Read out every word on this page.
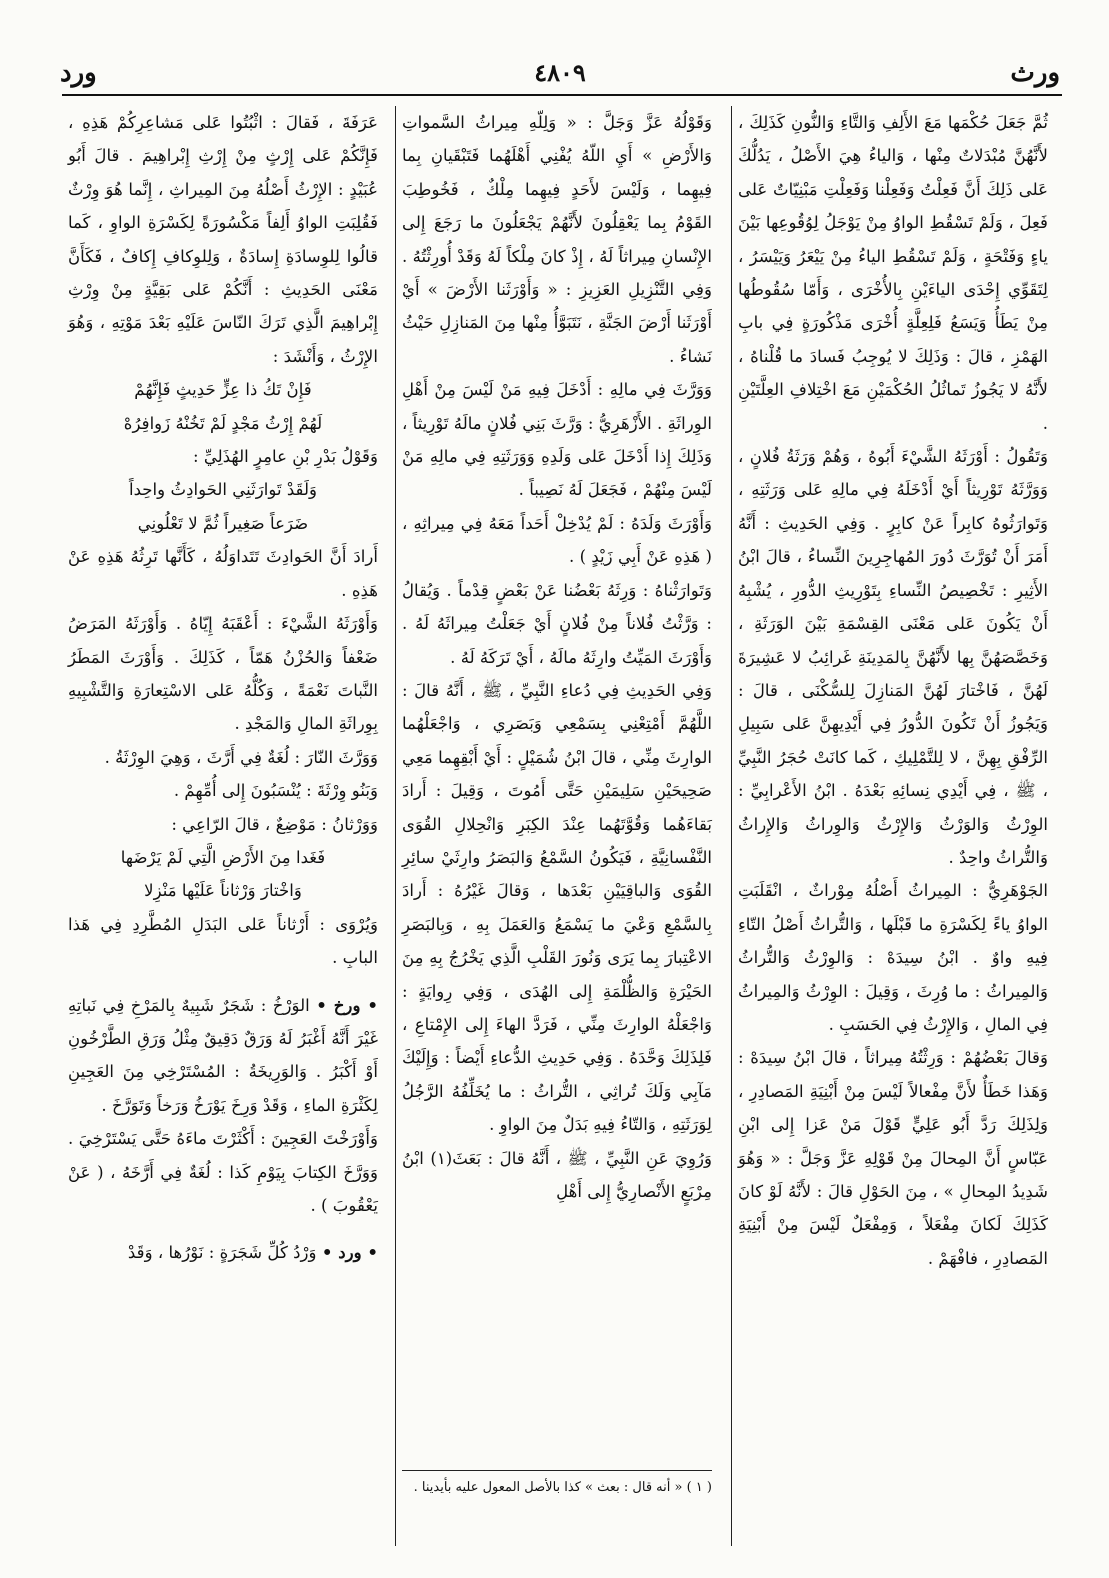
ورد	٤٨٠٩	ورث

ثُمَّ جَعَلَ حُكْمَها مَعَ الأَلِفِ وَالتَّاءِ وَالنُّونِ كَذَلِكَ ، لأَنَّهُنَّ مُبْدَلاتٌ مِنْها ، وَالياءُ هِيَ الأَصْلُ ، يَدُلُّكَ عَلى ذَلِكَ أَنَّ فَعِلْتُ وَفَعِلْنا وَفَعِلْتِ مَبْنِيّاتٌ عَلى فَعِلَ ، وَلَمْ تَسْقُطِ الواوُ مِنْ يَوْجَلُ لِوُقُوعِها بَيْنَ ياءٍ وَفَتْحَةٍ ، وَلَمْ تَسْقُطِ الياءُ مِنْ يَيْعَرُ وَيَيْسَرُ ، لِتَقَوِّي إِحْدَى الياءَيْنِ بِالأُخْرَى ، وَأَمّا سُقُوطُها مِنْ يَطَأُ وَيَسَعُ فَلِعِلَّةٍ أُخْرَى مَذْكُورَةٍ فِي بابِ الهَمْزِ ، قالَ : وَذَلِكَ لا يُوجِبُ فَسادَ ما قُلْناهُ ، لأَنَّهُ لا يَجُوزُ تَماثُلُ الحُكْمَيْنِ مَعَ اخْتِلافِ العِلَّتَيْنِ .

وَتَقُولُ : أَوْرَثَهُ الشَّيْءَ أَبُوهُ ، وَهُمْ وَرَثَةُ فُلانٍ ، وَوَرَّثَهُ تَوْرِيثاً أَيْ أَدْخَلَهُ فِي مالِهِ عَلى وَرَثَتِهِ ، وَتَوارَثُوهُ كابِراً عَنْ كابِرٍ . وَفِي الحَدِيثِ : أَنَّهُ أَمَرَ أَنْ تُوَرَّثَ دُورَ المُهاجِرِينَ النِّساءُ ، قالَ ابْنُ الأَثِيرِ : تَخْصِيصُ النِّساءِ بِتَوْرِيثِ الدُّورِ ، يُشْبِهُ أَنْ يَكُونَ عَلى مَعْنَى القِسْمَةِ بَيْنَ الوَرَثَةِ ، وَخَصَّصَهُنَّ بِها لأَنَّهُنَّ بِالمَدِينَةِ غَرائِبُ لا عَشِيرَةَ لَهُنَّ ، فَاخْتارَ لَهُنَّ المَنازِلَ لِلسُّكْنَى ، قالَ : وَيَجُوزُ أَنْ تَكُونَ الدُّورُ فِي أَيْدِيهِنَّ عَلى سَبِيلِ الرِّفْقِ بِهِنَّ ، لا لِلتَّمْلِيكِ ، كَما كانَتْ حُجَرُ النَّبِيِّ ، ﷺ ، فِي أَيْدِي نِسائِهِ بَعْدَهُ . ابْنُ الأَعْرابِيِّ : الوِرْثُ وَالوَرْثُ وَالإِرْثُ وَالوِراثُ وَالإِراثُ وَالتُّراثُ واحِدٌ .

الجَوْهَرِيُّ : المِيراثُ أَصْلُهُ مِوْراثٌ ، انْقَلَبَتِ الواوُ ياءً لِكَسْرَةِ ما قَبْلَها ، وَالتُّراثُ أَصْلُ التّاءِ فِيهِ واوٌ . ابْنُ سِيدَهْ : وَالوِرْثُ وَالتُّراثُ وَالمِيراثُ : ما وُرِثَ ، وَقِيلَ : الوِرْثُ وَالمِيراثُ فِي المالِ ، وَالإِرْثُ فِي الحَسَبِ .

وَقالَ بَعْضُهُمْ : وَرِثْتُهُ مِيراثاً ، قالَ ابْنُ سِيدَهْ : وَهَذا خَطَأٌ لأَنَّ مِفْعالاً لَيْسَ مِنْ أَبْنِيَةِ المَصادِرِ ، وَلِذَلِكَ رَدَّ أَبُو عَلِيٍّ قَوْلَ مَنْ عَزا إِلى ابْنِ عَبّاسٍ أَنَّ المِحالَ مِنْ قَوْلِهِ عَزَّ وَجَلَّ : « وَهُوَ شَدِيدُ المِحالِ » ، مِنَ الحَوْلِ قالَ : لأَنَّهُ لَوْ كانَ كَذَلِكَ لَكانَ مِفْعَلاً ، وَمِفْعَلٌ لَيْسَ مِنْ أَبْنِيَةِ المَصادِرِ ، فافْهَمْ .

وَقَوْلُهُ عَزَّ وَجَلَّ : « وَلِلّهِ مِيراثُ السَّمواتِ وَالأَرْضِ » أَيِ اللّهُ يُفْنِي أَهْلَهُما فَتَبْقَيانِ بِما فِيهِما ، وَلَيْسَ لأَحَدٍ فِيهِما مِلْكٌ ، فَخُوطِبَ القَوْمُ بِما يَعْقِلُونَ لأَنَّهُمْ يَجْعَلُونَ ما رَجَعَ إِلى الإِنْسانِ مِيراثاً لَهُ ، إِذْ كانَ مِلْكاً لَهُ وَقَدْ أُورِثْتُهُ . وَفِي التَّنْزِيلِ العَزِيزِ : « وَأَوْرَثَنا الأَرْضَ » أَيْ أَوْرَثَنا أَرْضَ الجَنَّةِ ، نَتَبَوَّأُ مِنْها مِنَ المَنازِلِ حَيْثُ نَشاءُ .

وَوَرَّثَ فِي مالِهِ : أَدْخَلَ فِيهِ مَنْ لَيْسَ مِنْ أَهْلِ الوِراثَةِ . الأَزْهَرِيُّ : وَرَّثَ بَنِي فُلانٍ مالَهُ تَوْرِيثاً ، وَذَلِكَ إِذا أَدْخَلَ عَلى وَلَدِهِ وَوَرَثَتِهِ فِي مالِهِ مَنْ لَيْسَ مِنْهُمْ ، فَجَعَلَ لَهُ نَصِيباً .

وَأَوْرَثَ وَلَدَهُ : لَمْ يُدْخِلْ أَحَداً مَعَهُ فِي مِيراثِهِ ، ( هَذِهِ عَنْ أَبِي زَيْدٍ ) .

وَتَوارَثْناهُ : وَرِثَهُ بَعْضُنا عَنْ بَعْضٍ قِدْماً . وَيُقالُ : وَرَّثْتُ فُلاناً مِنْ فُلانٍ أَيْ جَعَلْتُ مِيراثَهُ لَهُ . وَأَوْرَثَ المَيِّتُ وارِثَهُ مالَهُ ، أَيْ تَرَكَهُ لَهُ .

وَفِي الحَدِيثِ فِي دُعاءِ النَّبِيِّ ، ﷺ ، أَنَّهُ قالَ : اللَّهُمَّ أَمْتِعْنِي بِسَمْعِي وَبَصَرِي ، وَاجْعَلْهُما الوارِثَ مِنِّي ، قالَ ابْنُ شُمَيْلٍ : أَيْ أَبْقِهِما مَعِي صَحِيحَيْنِ سَلِيمَيْنِ حَتَّى أَمُوتَ ، وَقِيلَ : أَرادَ بَقاءَهُما وَقُوَّتَهُما عِنْدَ الكِبَرِ وَانْحِلالِ القُوَى النَّفْسانِيَّةِ ، فَيَكُونُ السَّمْعُ وَالبَصَرُ وارِثَيْ سائِرِ القُوَى وَالباقِيَيْنِ بَعْدَها ، وَقالَ غَيْرُهُ : أَرادَ بِالسَّمْعِ وَعْيَ ما يَسْمَعُ وَالعَمَلَ بِهِ ، وَبِالبَصَرِ الاعْتِبارَ بِما يَرَى وَنُورَ القَلْبِ الَّذِي يَخْرُجُ بِهِ مِنَ الحَيْرَةِ وَالظُّلْمَةِ إِلى الهُدَى ، وَفِي رِوايَةٍ : وَاجْعَلْهُ الوارِثَ مِنِّي ، فَرَدَّ الهاءَ إِلى الإِمْتاعِ ، فَلِذَلِكَ وَحَّدَهُ . وَفِي حَدِيثِ الدُّعاءِ أَيْضاً : وَإِلَيْكَ مَآبِي وَلَكَ تُراثِي ، التُّراثُ : ما يُخَلِّفُهُ الرَّجُلُ لِوَرَثَتِهِ ، وَالتّاءُ فِيهِ بَدَلٌ مِنَ الواوِ .

وَرُوِيَ عَنِ النَّبِيِّ ، ﷺ ، أَنَّهُ قالَ : بَعَثَ(١) ابْنُ مِرْبَعٍ الأَنْصارِيُّ إِلى أَهْلِ

( ١ ) « أنه قال : بعث » كذا بالأصل المعول عليه بأيدينا .

عَرَفَةَ ، فَقالَ : اثْبُتُوا عَلى مَشاعِرِكُمْ هَذِهِ ، فَإِنَّكُمْ عَلى إِرْثٍ مِنْ إِرْثِ إِبْراهِيمَ . قالَ أَبُو عُبَيْدٍ : الإِرْثُ أَصْلُهُ مِنَ المِيراثِ ، إِنَّما هُوَ وِرْثٌ فَقُلِبَتِ الواوُ أَلِفاً مَكْسُورَةً لِكَسْرَةِ الواوِ ، كَما قالُوا لِلوِسادَةِ إِسادَةٌ ، وَلِلوِكافِ إِكافٌ ، فَكَأَنَّ مَعْنَى الحَدِيثِ : أَنَّكُمْ عَلى بَقِيَّةٍ مِنْ وِرْثِ إِبْراهِيمَ الَّذِي تَرَكَ النّاسَ عَلَيْهِ بَعْدَ مَوْتِهِ ، وَهُوَ الإِرْثُ ، وَأَنْشَدَ :

فَإِنْ تَكُ ذا عِزٍّ حَدِيثٍ فَإِنَّهُمْ

لَهُمْ إِرْثُ مَجْدٍ لَمْ تَخُنْهُ زَوافِرُهْ

وَقَوْلُ بَدْرِ بْنِ عامِرٍ الهُذَلِيِّ :

وَلَقَدْ تَوارَثَنِي الحَوادِثُ واحِداً

ضَرَعاً صَغِيراً ثُمَّ لا تَعْلُونِي

أَرادَ أَنَّ الحَوادِثَ تَتَداوَلُهُ ، كَأَنَّها تَرِثُهُ هَذِهِ عَنْ هَذِهِ .

وَأَوْرَثَهُ الشَّيْءَ : أَعْقَبَهُ إِيّاهُ . وَأَوْرَثَهُ المَرَضُ ضَعْفاً وَالحُزْنُ هَمّاً ، كَذَلِكَ . وَأَوْرَثَ المَطَرُ النَّباتَ نَعْمَةً ، وَكُلُّهُ عَلى الاسْتِعارَةِ وَالتَّشْبِيهِ بِوِراثَةِ المالِ وَالمَجْدِ .

وَوَرَّثَ النّارَ : لُغَةٌ فِي أَرَّثَ ، وَهِيَ الوِرْثَةُ .

وَبَنُو وِرْثَةَ : يُنْسَبُونَ إِلى أُمِّهِمْ .

وَوَرْثانُ : مَوْضِعٌ ، قالَ الرّاعِي :

فَغَدا مِنَ الأَرْضِ الَّتِي لَمْ يَرْضَها

وَاخْتارَ وَرْثاناً عَلَيْها مَنْزِلا

وَيُرْوَى : أَرْثاناً عَلى البَدَلِ المُطَّرِدِ فِي هَذا البابِ .

• ورخ • الوَرْخُ : شَجَرٌ شَبِيهٌ بِالمَرْخِ فِي نَباتِهِ غَيْرَ أَنَّهُ أَغْبَرُ لَهُ وَرَقٌ دَقِيقٌ مِثْلُ وَرَقِ الطَّرْخُونِ أَوْ أَكْبَرُ . وَالوَرِيخَةُ : المُسْتَرْخِي مِنَ العَجِينِ لِكَثْرَةِ الماءِ ، وَقَدْ وَرِخَ يَوْرَخُ وَرَخاً وَتَوَرَّخَ .

وَأَوْرَخْتَ العَجِينَ : أَكْثَرْتَ ماءَهُ حَتَّى يَسْتَرْخِيَ . وَوَرَّخَ الكِتابَ بِيَوْمِ كَذا : لُغَةٌ فِي أَرَّخَهُ ، ( عَنْ يَعْقُوبَ ) .

• ورد • وَرْدُ كُلِّ شَجَرَةٍ : نَوْرُها ، وَقَدْ
